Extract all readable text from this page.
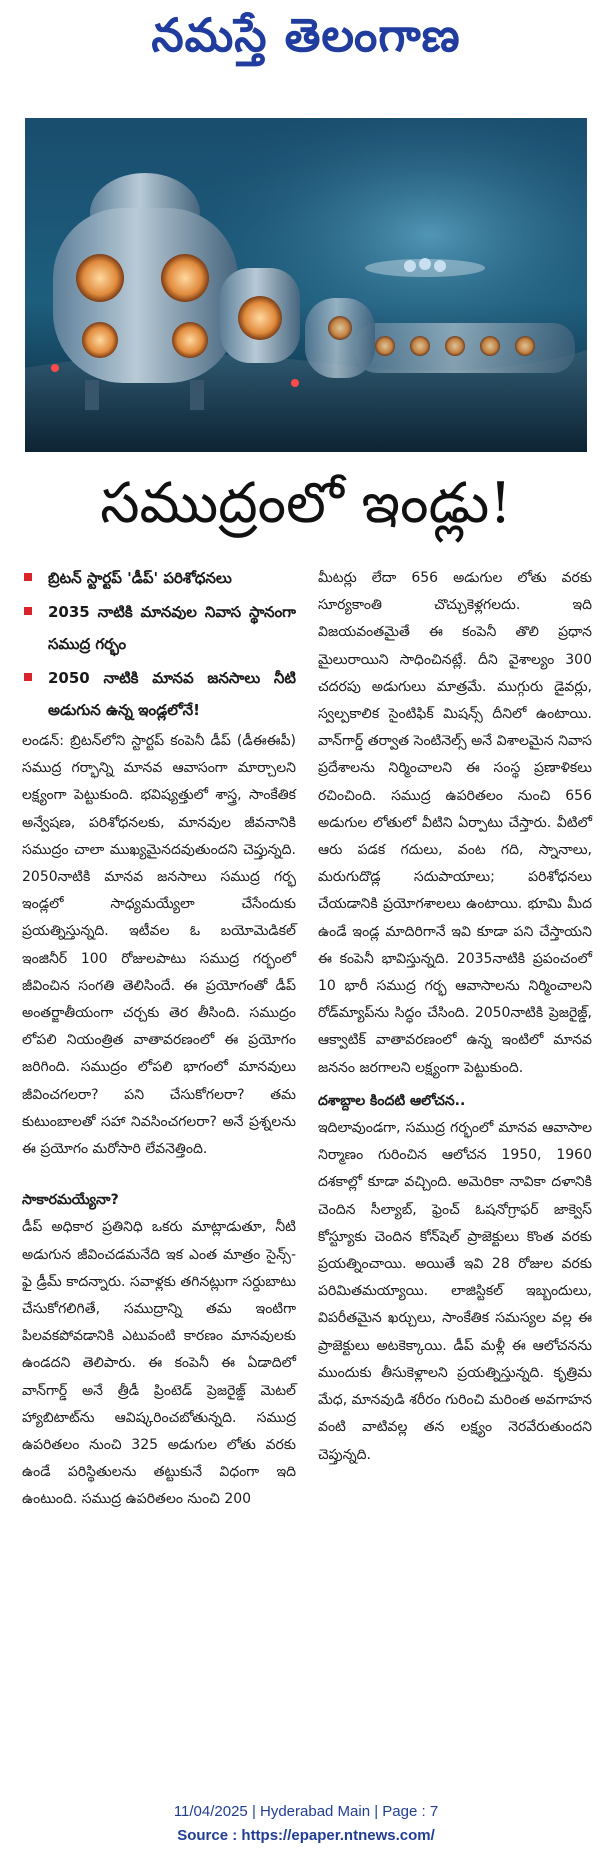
నమస్తే తెలంగాణ
సముద్రంలో ఇండ్లు!
బ్రిటన్ స్టార్టప్ 'డీప్' పరిశోధనలు
2035 నాటికి మానవుల నివాస స్థానంగా సముద్ర గర్భం
2050 నాటికి మానవ జనసాలు నీటి అడుగున ఉన్న ఇండ్లలోనే!

లండన్: బ్రిటన్‌లోని స్టార్టప్ కంపెనీ డీప్ (డీఈఈపీ) సముద్ర గర్భాన్ని మానవ ఆవాసంగా మార్చాలని లక్ష్యంగా పెట్టుకుంది. భవిష్యత్తులో శాస్త్ర, సాంకేతిక అన్వేషణ, పరిశోధనలకు, మానవుల జీవనానికి సముద్రం చాలా ముఖ్యమైనదవుతుందని చెప్తున్నది. 2050నాటికి మానవ జనసాలు సముద్ర గర్భ ఇండ్లలో సాధ్యమయ్యేలా చేసేందుకు ప్రయత్నిస్తున్నది. ఇటీవల ఓ బయోమెడికల్ ఇంజినీర్ 100 రోజులపాటు సముద్ర గర్భంలో జీవించిన సంగతి తెలిసిందే. ఈ ప్రయోగంతో డీప్ అంతర్జాతీయంగా చర్చకు తెర తీసింది. సముద్రం లోపలి నియంత్రిత వాతావరణంలో ఈ ప్రయోగం జరిగింది. సముద్రం లోపలి భాగంలో మానవులు జీవించగలరా? పని చేసుకోగలరా? తమ కుటుంబాలతో సహా నివసించగలరా? అనే ప్రశ్నలను ఈ ప్రయోగం మరోసారి లేవనెత్తింది.

సాకారమయ్యేనా?

డీప్ అధికార ప్రతినిధి ఒకరు మాట్లాడుతూ, నీటి అడుగున జీవించడమనేది ఇక ఎంత మాత్రం సైన్స్‌-ఫై డ్రీమ్ కాదన్నారు. సవాళ్లకు తగినట్లుగా సర్దుబాటు చేసుకోగలిగితే, సముద్రాన్ని తమ ఇంటిగా పిలవకపోవడానికి ఎటువంటి కారణం మానవులకు ఉండదని తెలిపారు. ఈ కంపెనీ ఈ ఏడాదిలో వాన్‌గార్డ్ అనే త్రీడీ ప్రింటెడ్ ప్రెజరైజ్డ్ మెటల్ హ్యాబిటాట్‌ను ఆవిష్కరించబోతున్నది. సముద్ర ఉపరితలం నుంచి 325 అడుగుల లోతు వరకు ఉండే పరిస్థితులను తట్టుకునే విధంగా ఇది ఉంటుంది. సముద్ర ఉపరితలం నుంచి 200

మీటర్లు లేదా 656 అడుగుల లోతు వరకు సూర్యకాంతి చొచ్చుకెళ్లగలదు. ఇది విజయవంతమైతే ఈ కంపెనీ తొలి ప్రధాన మైలురాయిని సాధించినట్లే. దీని వైశాల్యం 300 చదరపు అడుగులు మాత్రమే. ముగ్గురు డైవర్లు, స్వల్పకాలిక సైంటిఫిక్ మిషన్స్ దీనిలో ఉంటాయి. వాన్‌గార్డ్ తర్వాత సెంటినెల్స్ అనే విశాలమైన నివాస ప్రదేశాలను నిర్మించాలని ఈ సంస్థ ప్రణాళికలు రచించింది. సముద్ర ఉపరితలం నుంచి 656 అడుగుల లోతులో వీటిని ఏర్పాటు చేస్తారు. వీటిలో ఆరు పడక గదులు, వంట గది, స్నానాలు, మరుగుదొడ్ల సదుపాయాలు; పరిశోధనలు చేయడానికి ప్రయోగశాలలు ఉంటాయి. భూమి మీద ఉండే ఇండ్ల మాదిరిగానే ఇవి కూడా పని చేస్తాయని ఈ కంపెనీ భావిస్తున్నది. 2035నాటికి ప్రపంచంలో 10 భారీ సముద్ర గర్భ ఆవాసాలను నిర్మించాలని రోడ్‌మ్యాప్‌ను సిద్ధం చేసింది. 2050నాటికి ప్రెజరైజ్డ్, ఆక్వాటిక్ వాతావరణంలో ఉన్న ఇంటిలో మానవ జననం జరగాలని లక్ష్యంగా పెట్టుకుంది.

దశాబ్దాల కిందటి ఆలోచన..

ఇదిలావుండగా, సముద్ర గర్భంలో మానవ ఆవాసాల నిర్మాణం గురించిన ఆలోచన 1950, 1960 దశకాల్లో కూడా వచ్చింది. అమెరికా నావికా దళానికి చెందిన సీల్యాబ్, ఫ్రెంచ్ ఓషనోగ్రాఫర్ జాక్వెస్ కోస్ట్యూకు చెందిన కోన్‌షెల్ ప్రాజెక్టులు కొంత వరకు ప్రయత్నించాయి. అయితే ఇవి 28 రోజుల వరకు పరిమితమయ్యాయి. లాజిస్టికల్ ఇబ్బందులు, విపరీతమైన ఖర్చులు, సాంకేతిక సమస్యల వల్ల ఈ ప్రాజెక్టులు అటకెక్కాయి. డీప్ మళ్లీ ఈ ఆలోచనను ముందుకు తీసుకెళ్లాలని ప్రయత్నిస్తున్నది. కృత్రిమ మేధ, మానవుడి శరీరం గురించి మరింత అవగాహన వంటి వాటివల్ల తన లక్ష్యం నెరవేరుతుందని చెప్తున్నది.

11/04/2025 | Hyderabad Main | Page : 7
Source : https://epaper.ntnews.com/
